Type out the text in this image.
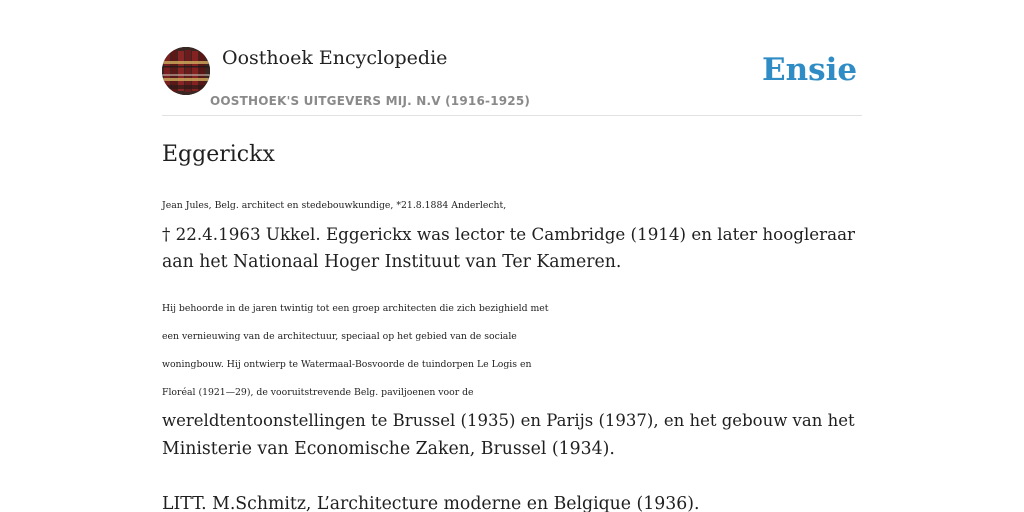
Oosthoek Encyclopedie
OOSTHOEK'S UITGEVERS MIJ. N.V (1916-1925)
Ensie
Eggerickx

Jean Jules, Belg. architect en stedebouwkundige, *21.8.1884 Anderlecht,
† 22.4.1963 Ukkel. Eggerickx was lector te Cambridge (1914) en later hoogleraar
aan het Nationaal Hoger Instituut van Ter Kameren.

Hij behoorde in de jaren twintig tot een groep architecten die zich bezighield met
een vernieuwing van de architectuur, speciaal op het gebied van de sociale
woningbouw. Hij ontwierp te Watermaal-Bosvoorde de tuindorpen Le Logis en
Floréal (1921—29), de vooruitstrevende Belg. paviljoenen voor de
wereldtentoonstellingen te Brussel (1935) en Parijs (1937), en het gebouw van het
Ministerie van Economische Zaken, Brussel (1934).

LITT. M.Schmitz, L’architecture moderne en Belgique (1936).
